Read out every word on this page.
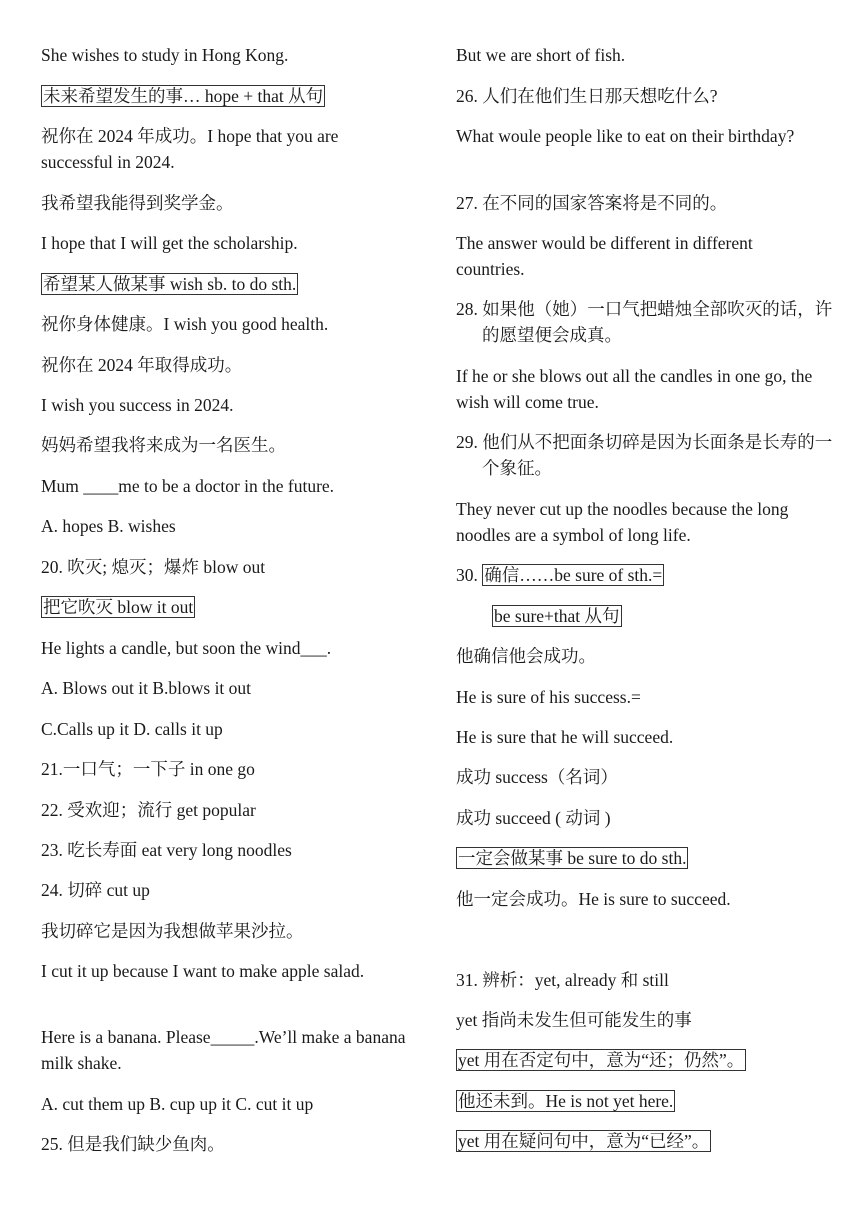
She wishes to study in Hong Kong.
未来希望发生的事… hope + that 从句
祝你在 2024 年成功。I hope that you are successful in 2024.
我希望我能得到奖学金。
I hope that I will get the scholarship.
希望某人做某事 wish sb. to do sth.
祝你身体健康。I wish you good health.
祝你在 2024 年取得成功。
I wish you success in 2024.
妈妈希望我将来成为一名医生。
Mum ____me to be a doctor in the future.
A. hopes B. wishes
20. 吹灭; 熄灭；爆炸 blow out
把它吹灭 blow it out
He lights a candle, but soon the wind___.
A. Blows out it B.blows it out
C.Calls up it D. calls it up
21.一口气；一下子 in one go
22. 受欢迎；流行 get popular
23. 吃长寿面 eat very long noodles
24. 切碎 cut up
我切碎它是因为我想做苹果沙拉。
I cut it up because I want to make apple salad.
Here is a banana. Please_____.We’ll make a banana milk shake.
A. cut them up B. cup up it C. cut it up
25. 但是我们缺少鱼肉。
But we are short of fish.
26. 人们在他们生日那天想吃什么?
What woule people like to eat on their birthday?
27. 在不同的国家答案将是不同的。
The answer would be different in different countries.
28. 如果他（她）一口气把蜡烛全部吹灭的话，许的愿望便会成真。
If he or she blows out all the candles in one go, the wish will come true.
29. 他们从不把面条切碎是因为长面条是长寿的一个象征。
They never cut up the noodles because the long noodles are a symbol of long life.
30. 确信……be sure of sth.=
be sure+that 从句
他确信他会成功。
He is sure of his success.=
He is sure that he will succeed.
成功 success（名词）
成功 succeed ( 动词 )
一定会做某事 be sure to do sth.
他一定会成功。He is sure to succeed.
31. 辨析：yet, already 和 still
yet 指尚未发生但可能发生的事
yet 用在否定句中，意为“还；仍然”。
他还未到。He is not yet here.
yet 用在疑问句中，意为“已经”。
